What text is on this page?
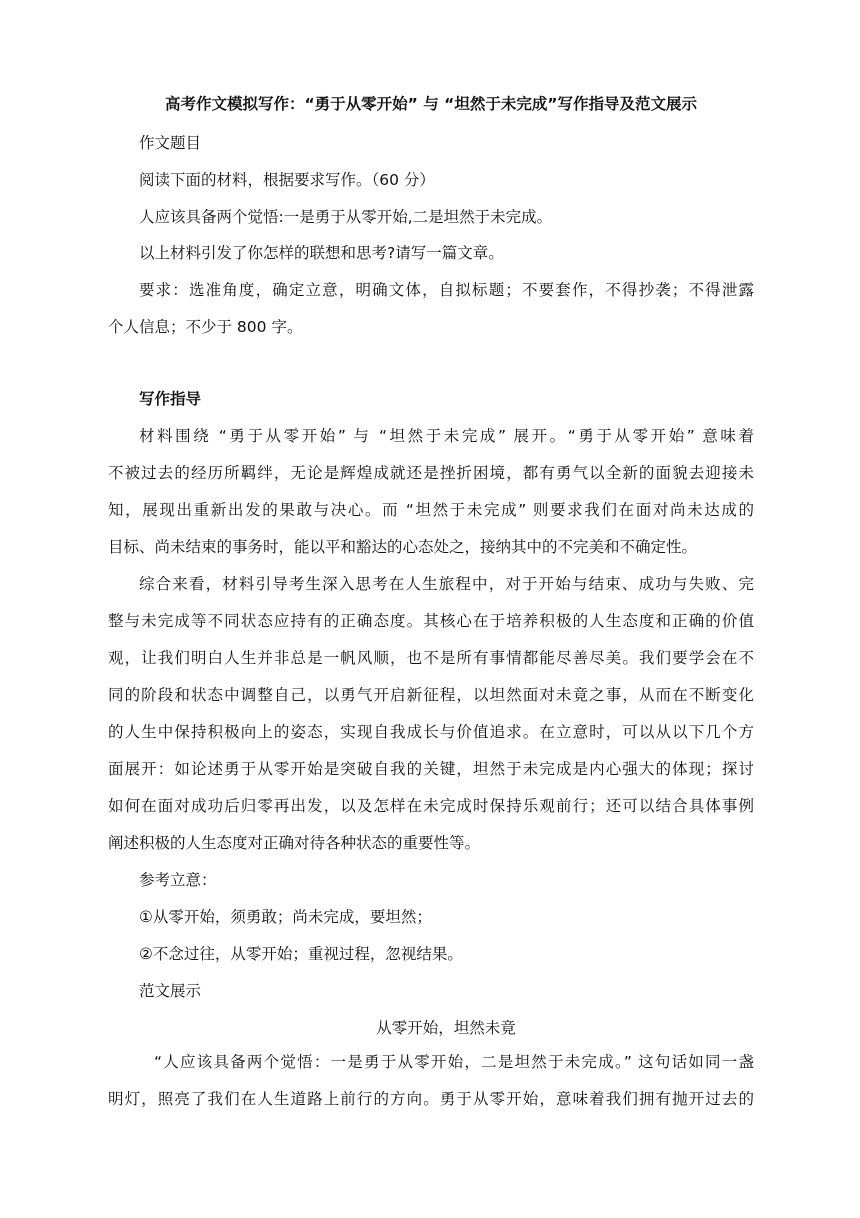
高考作文模拟写作：“勇于从零开始” 与 “坦然于未完成”写作指导及范文展示
作文题目
阅读下面的材料，根据要求写作。（60 分）
人应该具备两个觉悟:一是勇于从零开始,二是坦然于未完成。
以上材料引发了你怎样的联想和思考?请写一篇文章。
要求：选准角度，确定立意，明确文体，自拟标题；不要套作，不得抄袭；不得泄露
个人信息；不少于 800 字。
写作指导
材料围绕 “勇于从零开始” 与 “坦然于未完成” 展开。“勇于从零开始” 意味着
不被过去的经历所羁绊，无论是辉煌成就还是挫折困境，都有勇气以全新的面貌去迎接未
知，展现出重新出发的果敢与决心。而 “坦然于未完成” 则要求我们在面对尚未达成的
目标、尚未结束的事务时，能以平和豁达的心态处之，接纳其中的不完美和不确定性。
综合来看，材料引导考生深入思考在人生旅程中，对于开始与结束、成功与失败、完
整与未完成等不同状态应持有的正确态度。其核心在于培养积极的人生态度和正确的价值
观，让我们明白人生并非总是一帆风顺，也不是所有事情都能尽善尽美。我们要学会在不
同的阶段和状态中调整自己，以勇气开启新征程，以坦然面对未竟之事，从而在不断变化
的人生中保持积极向上的姿态，实现自我成长与价值追求。在立意时，可以从以下几个方
面展开：如论述勇于从零开始是突破自我的关键，坦然于未完成是内心强大的体现；探讨
如何在面对成功后归零再出发，以及怎样在未完成时保持乐观前行；还可以结合具体事例
阐述积极的人生态度对正确对待各种状态的重要性等。
参考立意：
①从零开始，须勇敢；尚未完成，要坦然；
②不念过往，从零开始；重视过程，忽视结果。
范文展示
从零开始，坦然未竟
“人应该具备两个觉悟：一是勇于从零开始，二是坦然于未完成。” 这句话如同一盏
明灯，照亮了我们在人生道路上前行的方向。勇于从零开始，意味着我们拥有抛开过去的
